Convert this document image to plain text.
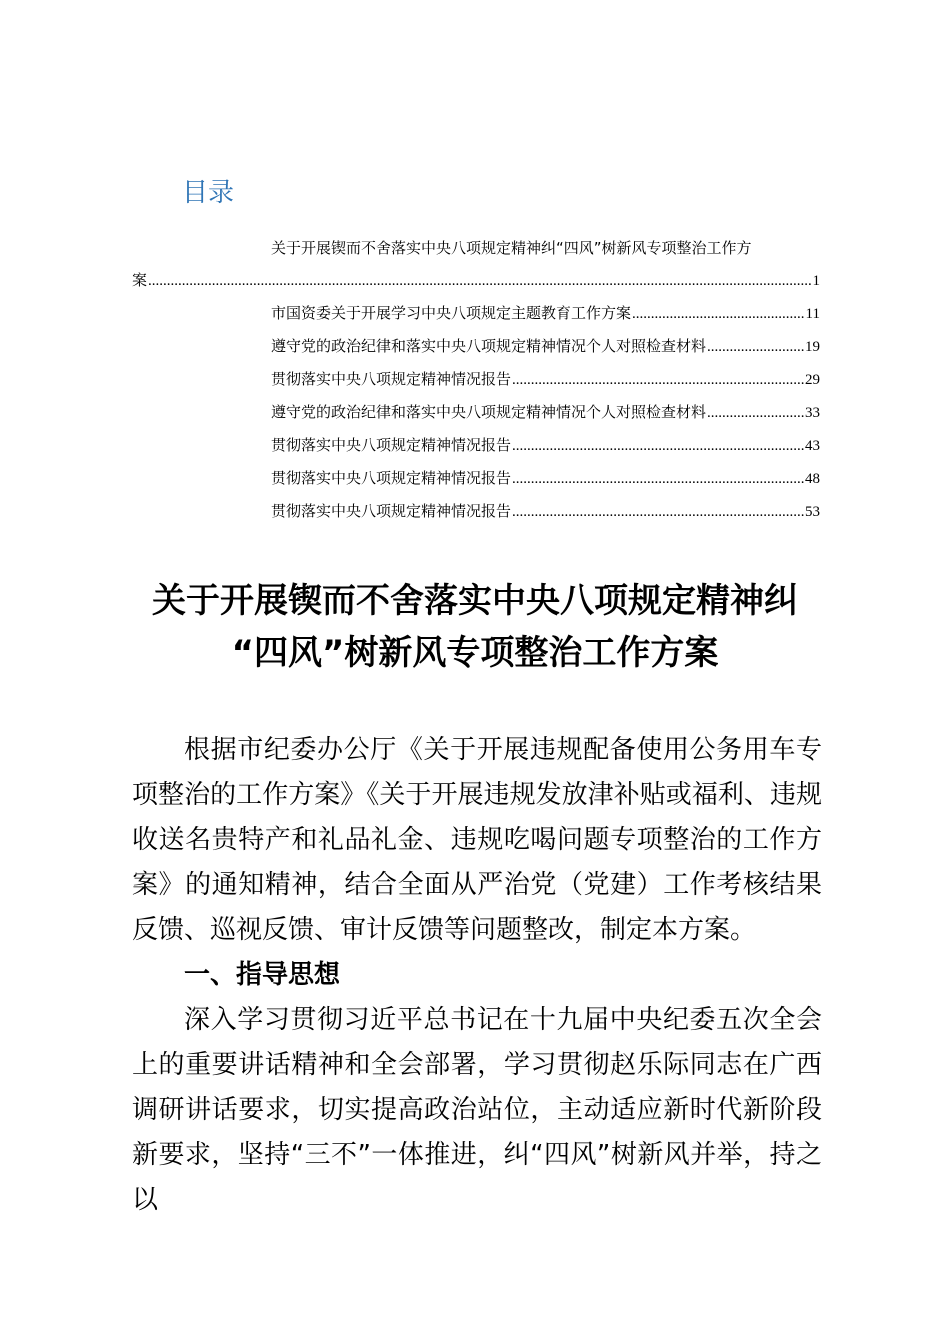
目录
关于开展锲而不舍落实中央八项规定精神纠“四风”树新风专项整治工作方
案 .....	1
市国资委关于开展学习中央八项规定主题教育工作方案 .....	11
遵守党的政治纪律和落实中央八项规定精神情况个人对照检查材料 .....	19
贯彻落实中央八项规定精神情况报告 .....	29
遵守党的政治纪律和落实中央八项规定精神情况个人对照检查材料 .....	33
贯彻落实中央八项规定精神情况报告 .....	43
贯彻落实中央八项规定精神情况报告 .....	48
贯彻落实中央八项规定精神情况报告 .....	53
关于开展锲而不舍落实中央八项规定精神纠
“四风”树新风专项整治工作方案

根据市纪委办公厅《关于开展违规配备使用公务用车专项整治的工作方案》《关于开展违规发放津补贴或福利、违规收送名贵特产和礼品礼金、违规吃喝问题专项整治的工作方案》的通知精神，结合全面从严治党（党建）工作考核结果反馈、巡视反馈、审计反馈等问题整改，制定本方案。

一、指导思想

深入学习贯彻习近平总书记在十九届中央纪委五次全会上的重要讲话精神和全会部署，学习贯彻赵乐际同志在广西调研讲话要求，切实提高政治站位，主动适应新时代新阶段新要求，坚持“三不”一体推进，纠“四风”树新风并举，持之以
